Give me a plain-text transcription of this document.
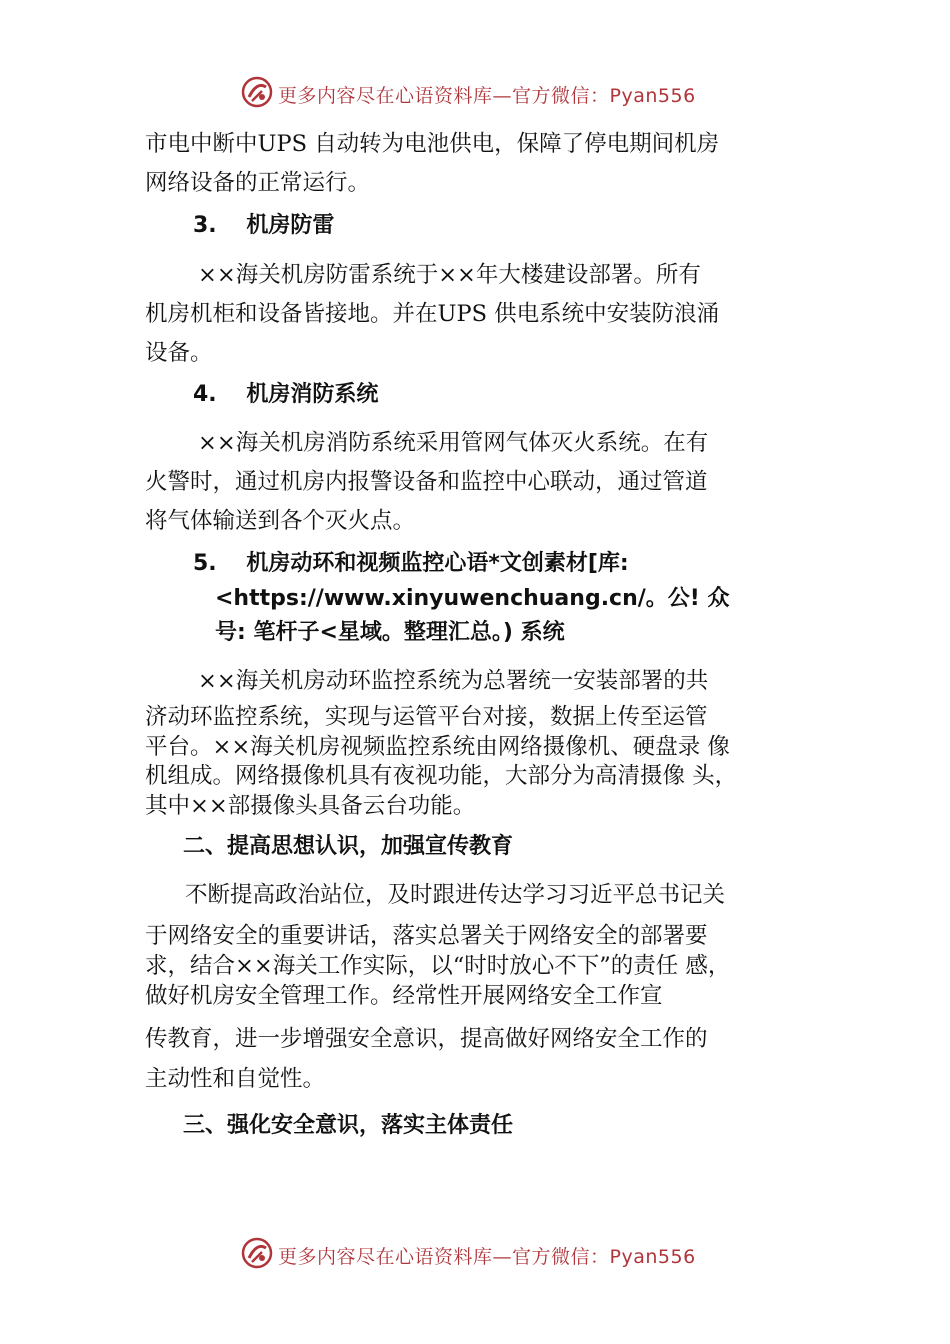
更多内容尽在心语资料库—官方微信：Pyan556
市电中断中UPS 自动转为电池供电，保障了停电期间机房
网络设备的正常运行。
3.　 机房防雷
××海关机房防雷系统于××年大楼建设部署。所有
机房机柜和设备皆接地。并在UPS 供电系统中安装防浪涌
设备。
4.　 机房消防系统
××海关机房消防系统采用管网气体灭火系统。在有
火警时，通过机房内报警设备和监控中心联动，通过管道
将气体输送到各个灭火点。
5.　 机房动环和视频监控心语*文创素材[库:
<https://www.xinyuwenchuang.cn/。公! 众
号: 笔杆子<星域。整理汇总。) 系统
××海关机房动环监控系统为总署统一安装部署的共
济动环监控系统，实现与运管平台对接，数据上传至运管
平台。××海关机房视频监控系统由网络摄像机、硬盘录 像
机组成。网络摄像机具有夜视功能，大部分为高清摄像 头，
其中××部摄像头具备云台功能。
二、提高思想认识，加强宣传教育
不断提高政治站位，及时跟进传达学习习近平总书记关
于网络安全的重要讲话，落实总署关于网络安全的部署要
求，结合××海关工作实际，以“时时放心不下”的责任 感，
做好机房安全管理工作。经常性开展网络安全工作宣
传教育，进一步增强安全意识，提高做好网络安全工作的
主动性和自觉性。
三、强化安全意识，落实主体责任
更多内容尽在心语资料库—官方微信：Pyan556
